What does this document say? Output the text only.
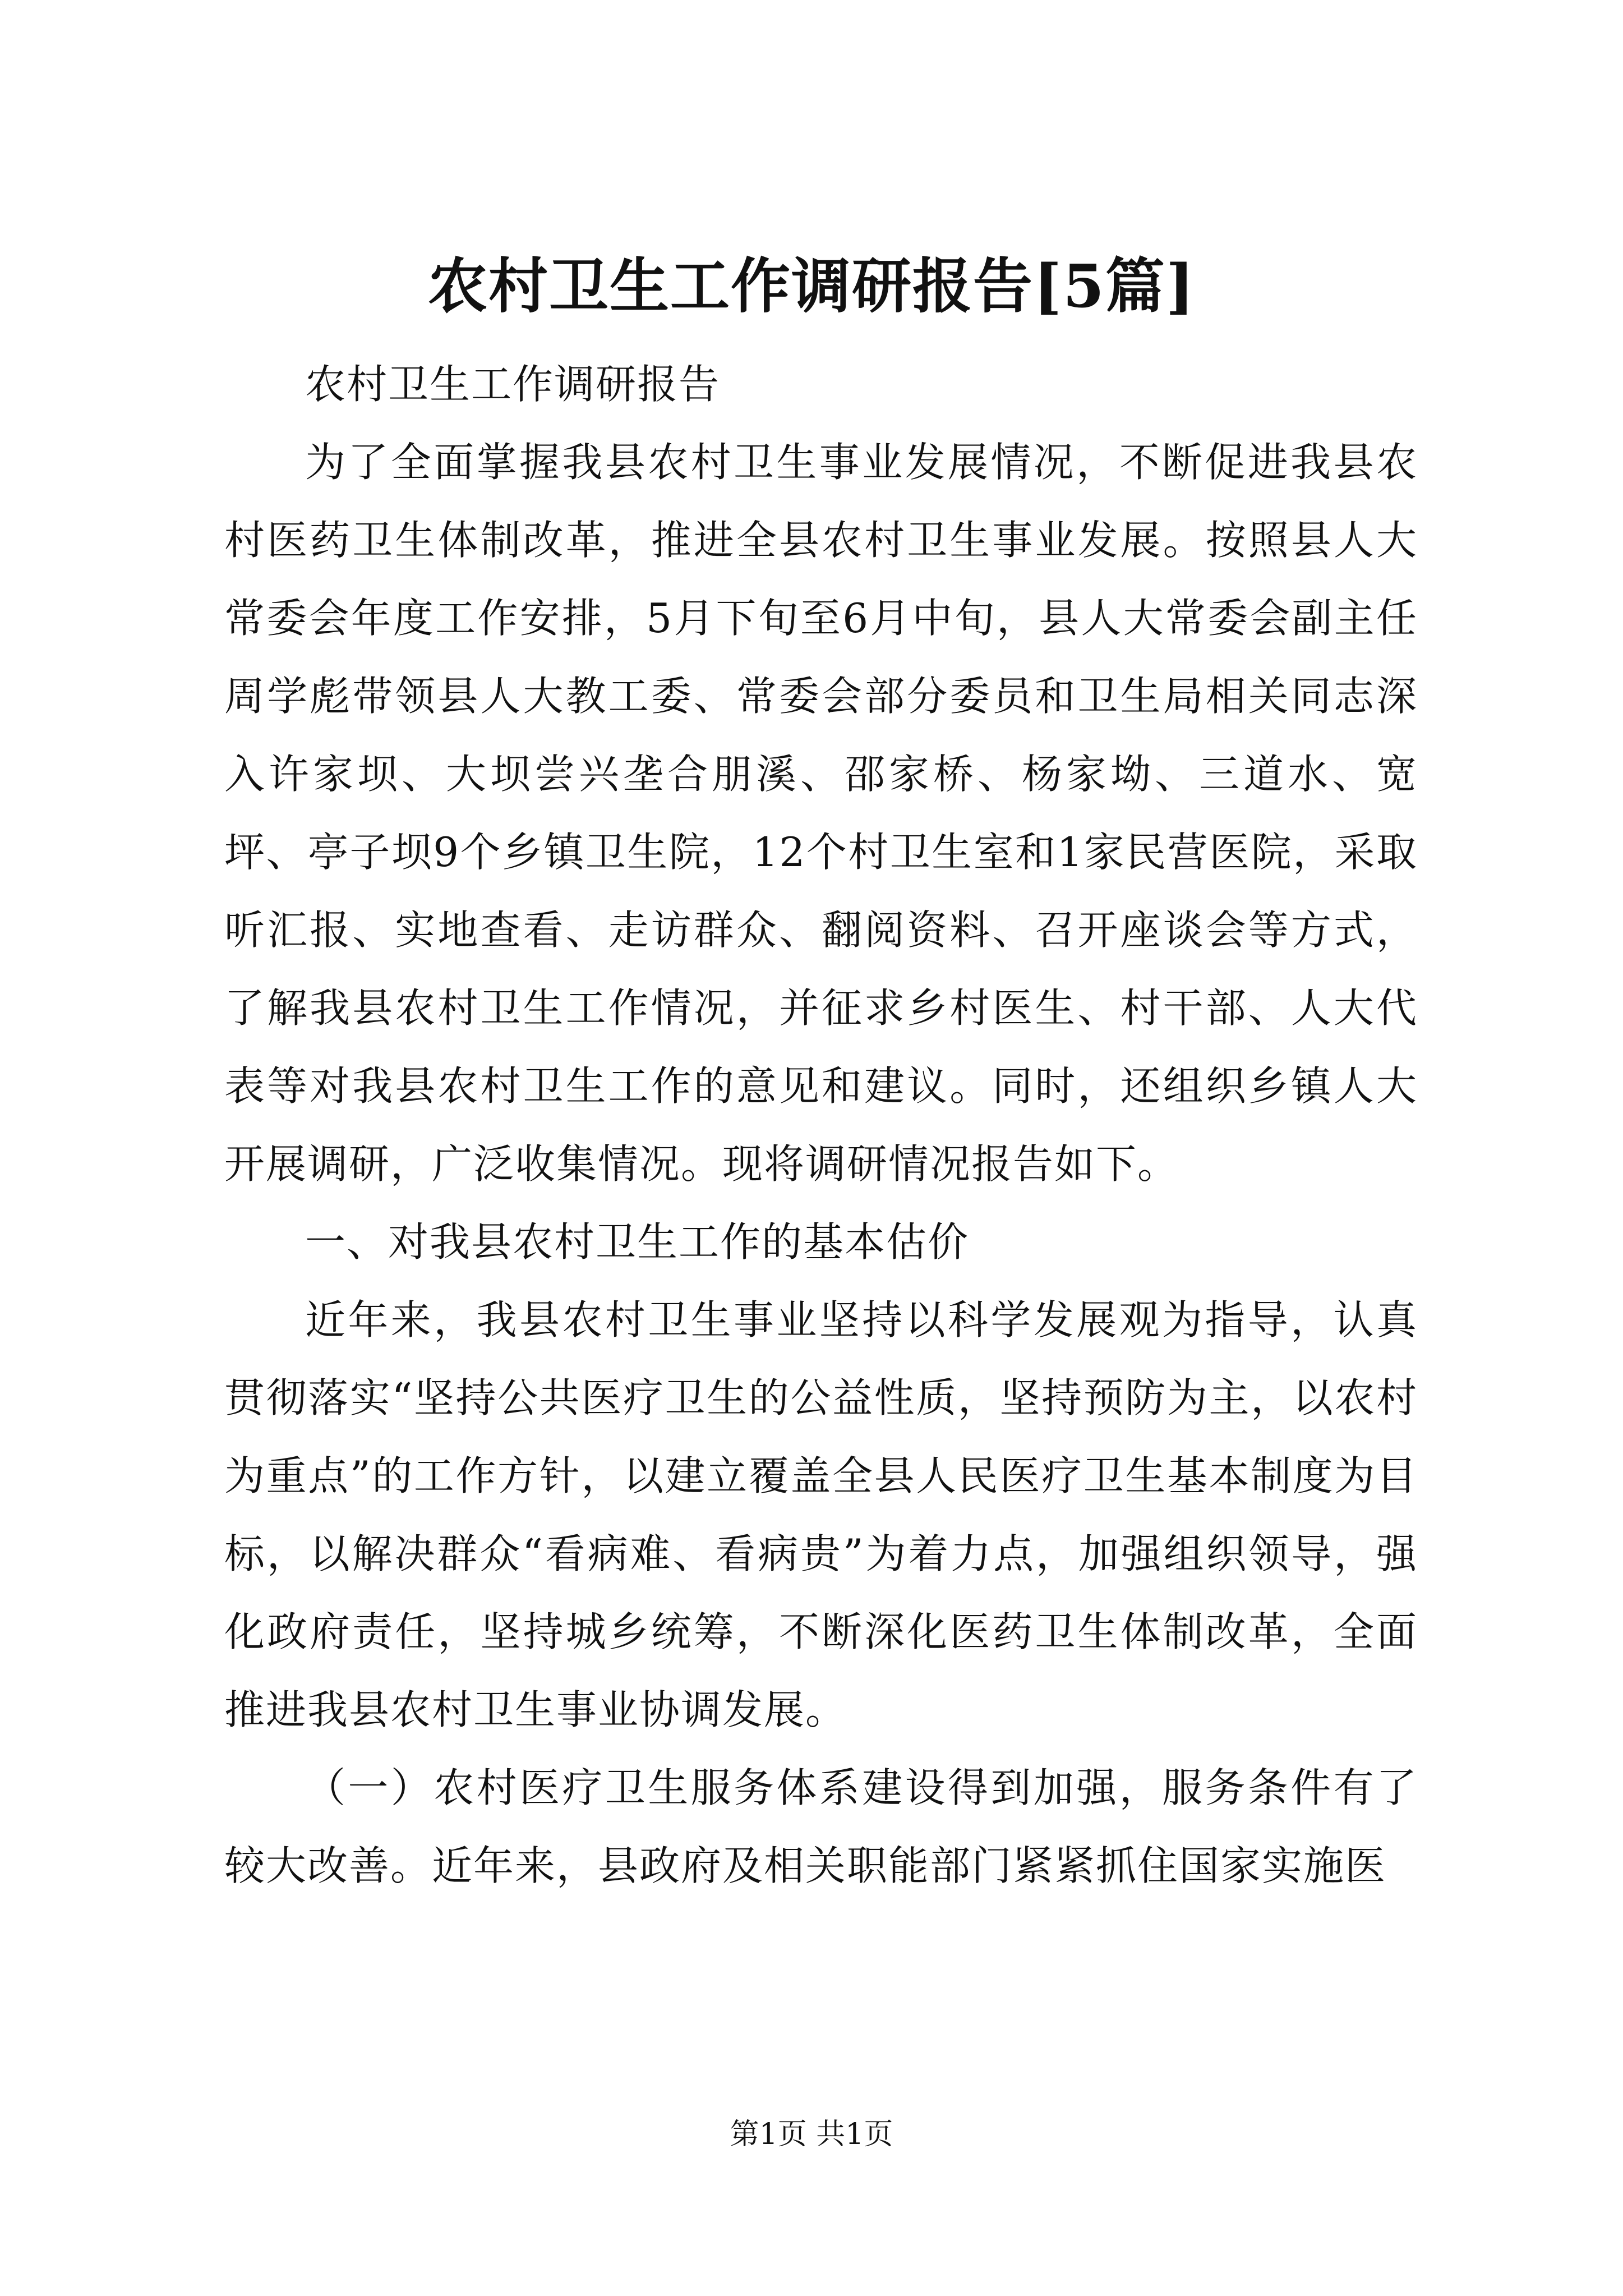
农村卫生工作调研报告[5篇]

农村卫生工作调研报告

为了全面掌握我县农村卫生事业发展情况，不断促进我县农村医药卫生体制改革，推进全县农村卫生事业发展。按照县人大常委会年度工作安排，5月下旬至6月中旬，县人大常委会副主任周学彪带领县人大教工委、常委会部分委员和卫生局相关同志深入许家坝、大坝尝兴垄合朋溪、邵家桥、杨家坳、三道水、宽坪、亭子坝9个乡镇卫生院，12个村卫生室和1家民营医院，采取听汇报、实地查看、走访群众、翻阅资料、召开座谈会等方式，了解我县农村卫生工作情况，并征求乡村医生、村干部、人大代表等对我县农村卫生工作的意见和建议。同时，还组织乡镇人大开展调研，广泛收集情况。现将调研情况报告如下。

一、对我县农村卫生工作的基本估价

近年来，我县农村卫生事业坚持以科学发展观为指导，认真贯彻落实“坚持公共医疗卫生的公益性质，坚持预防为主，以农村为重点”的工作方针，以建立覆盖全县人民医疗卫生基本制度为目标，以解决群众“看病难、看病贵”为着力点，加强组织领导，强化政府责任，坚持城乡统筹，不断深化医药卫生体制改革，全面推进我县农村卫生事业协调发展。

（一）农村医疗卫生服务体系建设得到加强，服务条件有了较大改善。近年来，县政府及相关职能部门紧紧抓住国家实施医

第1页 共1页
